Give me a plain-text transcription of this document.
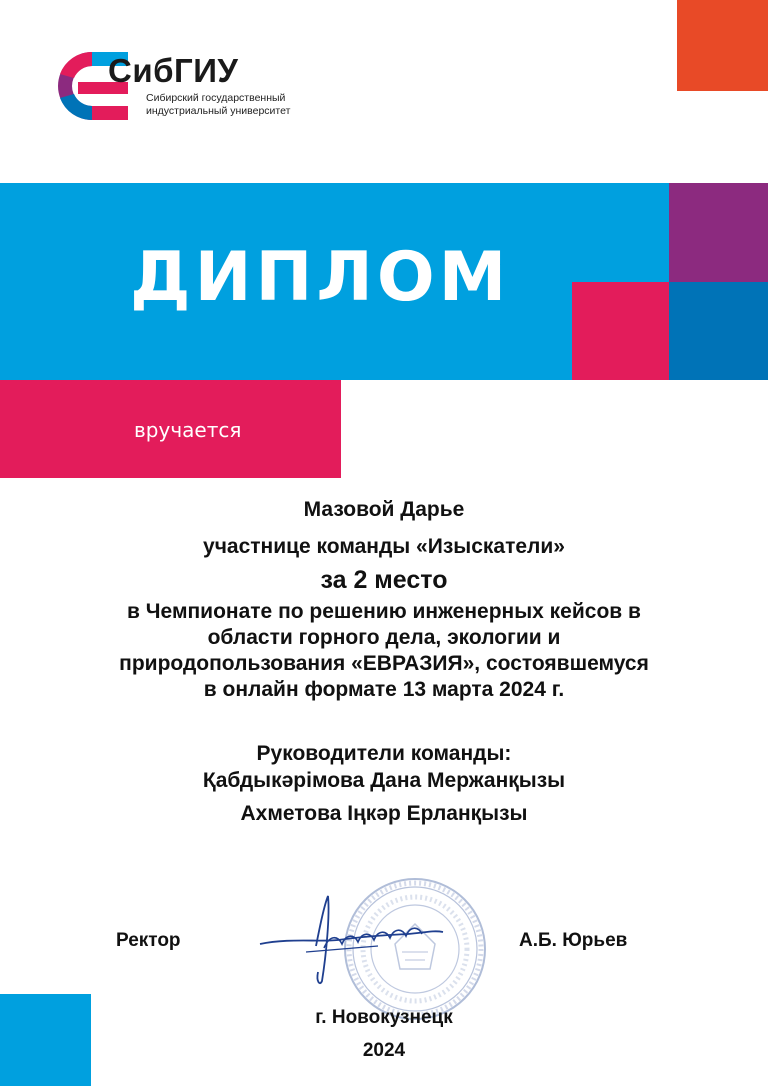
СибГИУ
Сибирский государственный
индустриальный университет
ДИПЛОМ
вручается
Мазовой Дарье
участнице команды «Изыскатели»
за 2 место
в Чемпионате по решению инженерных кейсов в
области горного дела, экологии и
природопользования «ЕВРАЗИЯ», состоявшемуся
в онлайн формате 13 марта 2024 г.
Руководители команды:
Қабдыкәрімова Дана Мержанқызы
Ахметова Іңкәр Ерланқызы
Ректор	А.Б. Юрьев
г. Новокузнецк
2024
